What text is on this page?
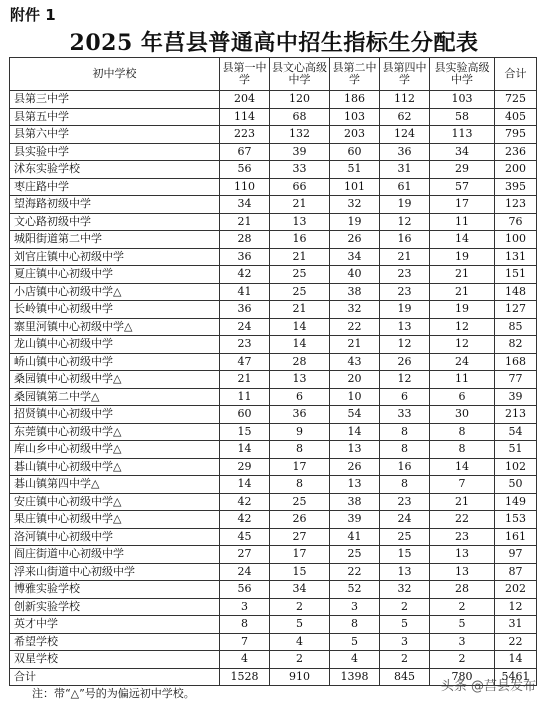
附件 1
2025 年莒县普通高中招生指标生分配表
初中学校	县第一中学	县文心高级中学	县第二中学	县第四中学	县实验高级中学	合计
县第三中学	204	120	186	112	103	725
县第五中学	114	68	103	62	58	405
县第六中学	223	132	203	124	113	795
县实验中学	67	39	60	36	34	236
沭东实验学校	56	33	51	31	29	200
枣庄路中学	110	66	101	61	57	395
望海路初级中学	34	21	32	19	17	123
文心路初级中学	21	13	19	12	11	76
城阳街道第二中学	28	16	26	16	14	100
刘官庄镇中心初级中学	36	21	34	21	19	131
夏庄镇中心初级中学	42	25	40	23	21	151
小店镇中心初级中学△	41	25	38	23	21	148
长岭镇中心初级中学	36	21	32	19	19	127
寨里河镇中心初级中学△	24	14	22	13	12	85
龙山镇中心初级中学	23	14	21	12	12	82
峤山镇中心初级中学	47	28	43	26	24	168
桑园镇中心初级中学△	21	13	20	12	11	77
桑园镇第二中学△	11	6	10	6	6	39
招贤镇中心初级中学	60	36	54	33	30	213
东莞镇中心初级中学△	15	9	14	8	8	54
库山乡中心初级中学△	14	8	13	8	8	51
碁山镇中心初级中学△	29	17	26	16	14	102
碁山镇第四中学△	14	8	13	8	7	50
安庄镇中心初级中学△	42	25	38	23	21	149
果庄镇中心初级中学△	42	26	39	24	22	153
洛河镇中心初级中学	45	27	41	25	23	161
阎庄街道中心初级中学	27	17	25	15	13	97
浮来山街道中心初级中学	24	15	22	13	13	87
博雅实验学校	56	34	52	32	28	202
创新实验学校	3	2	3	2	2	12
英才中学	8	5	8	5	5	31
希望学校	7	4	5	3	3	22
双星学校	4	2	4	2	2	14
合计	1528	910	1398	845	780	5461
注：带“△”号的为偏远初中学校。	头条 @莒县发布
